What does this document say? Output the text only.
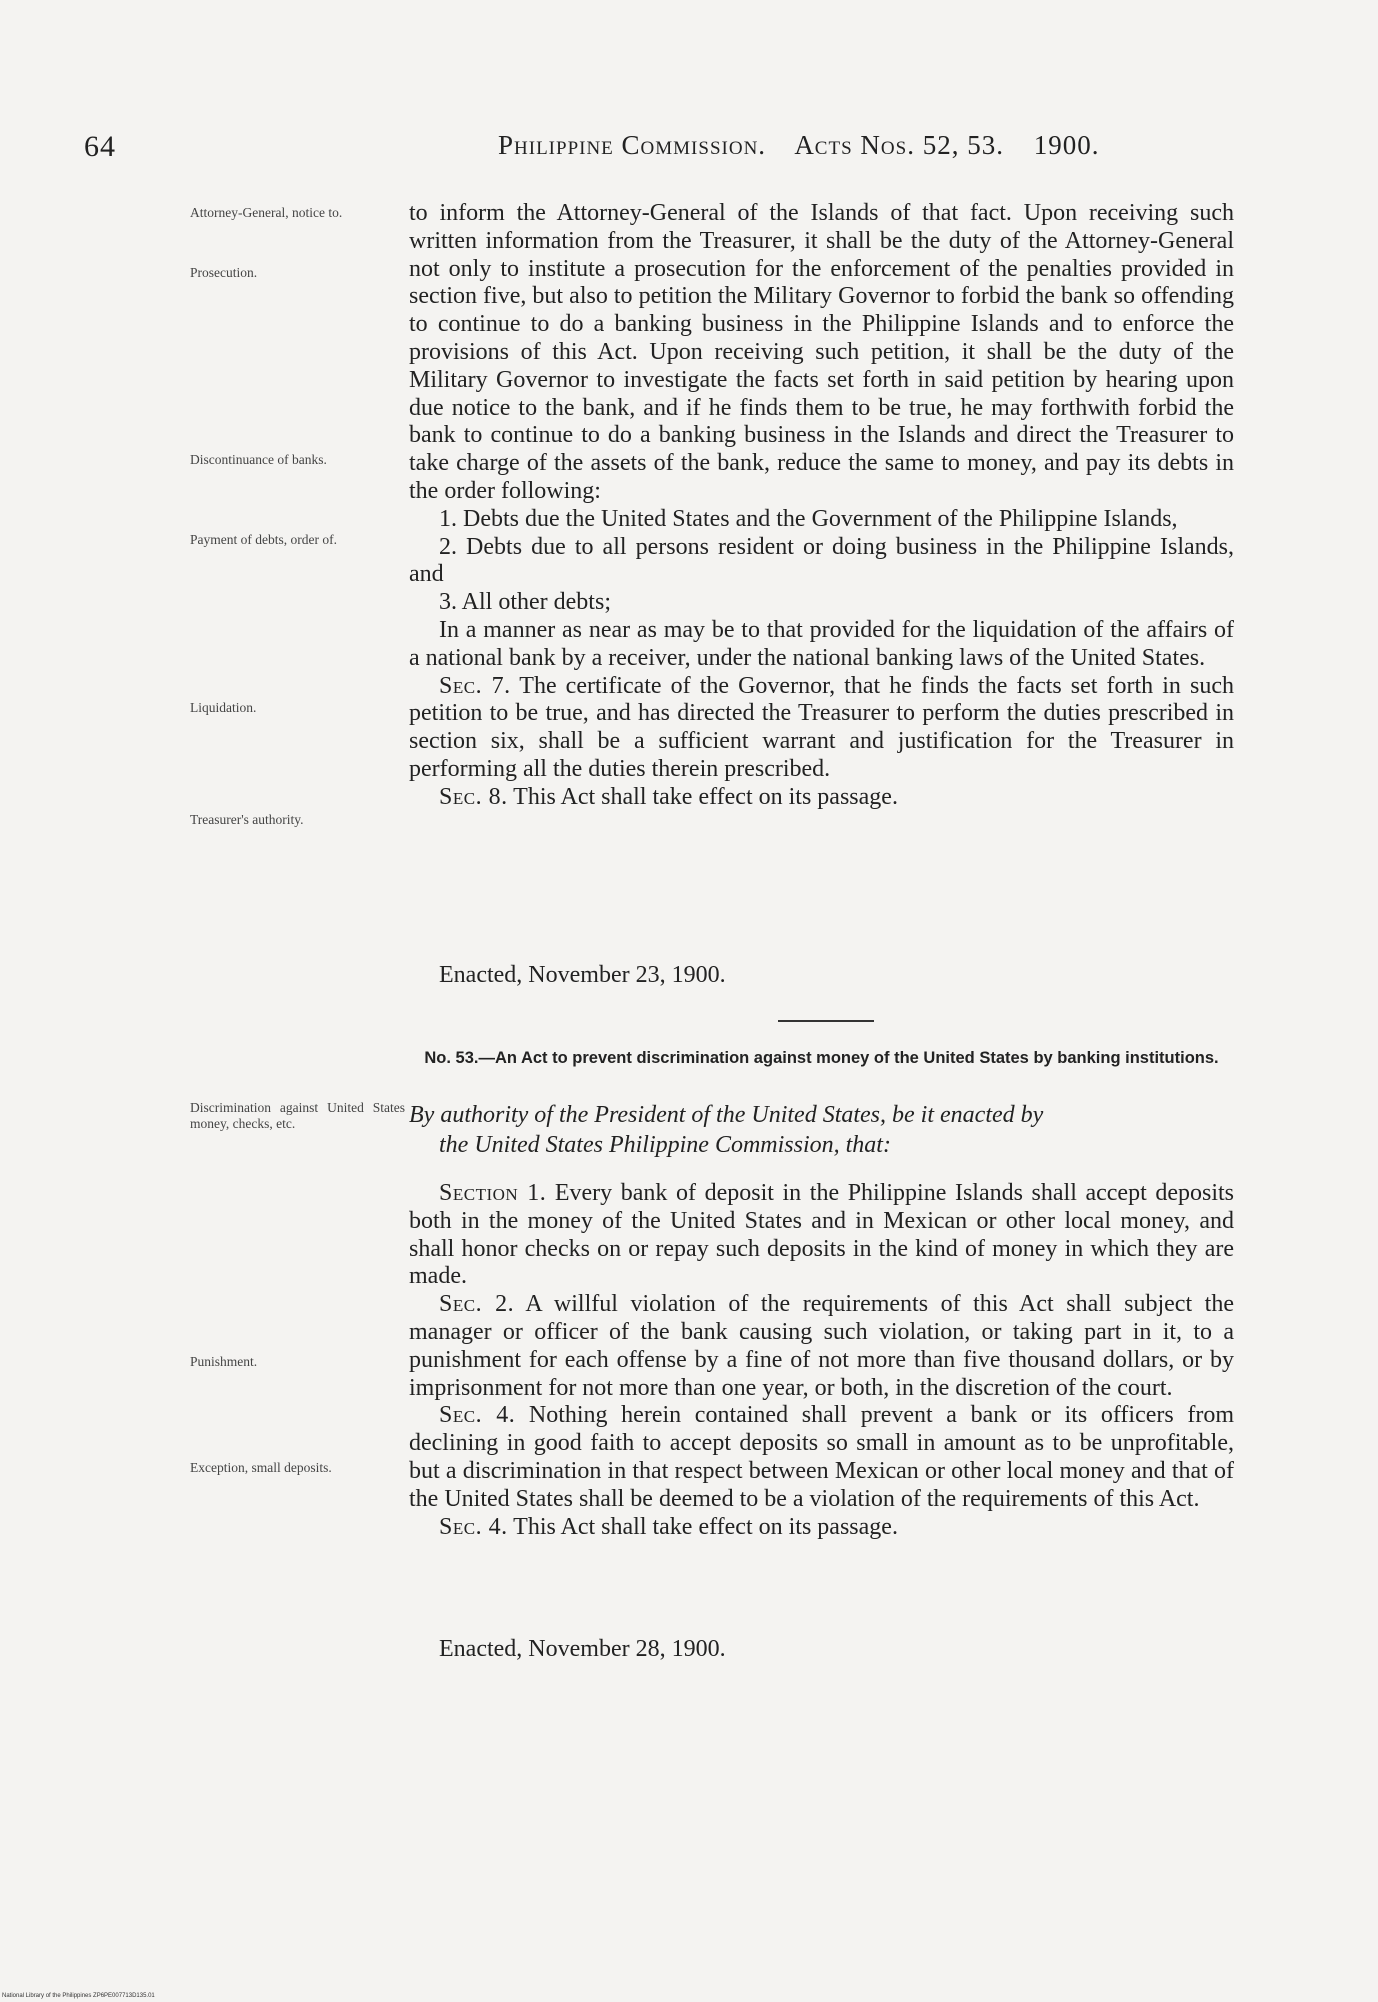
64	Philippine Commission. Acts Nos. 52, 53. 1900.
Attorney-General, notice to.
Prosecution.
Discontinuance of banks.
Payment of debts, order of.
Liquidation.
Treasurer's authority.
Discrimination against United States money, checks, etc.
Punishment.
Exception, small deposits.

to inform the Attorney-General of the Islands of that fact. Upon receiving such written information from the Treasurer, it shall be the duty of the Attorney-General not only to institute a prosecution for the enforcement of the penalties provided in section five, but also to petition the Military Governor to forbid the bank so offending to continue to do a banking business in the Philippine Islands and to enforce the provisions of this Act. Upon receiving such petition, it shall be the duty of the Military Governor to investigate the facts set forth in said petition by hearing upon due notice to the bank, and if he finds them to be true, he may forthwith forbid the bank to continue to do a banking business in the Islands and direct the Treasurer to take charge of the assets of the bank, reduce the same to money, and pay its debts in the order following:

1. Debts due the United States and the Government of the Philippine Islands,

2. Debts due to all persons resident or doing business in the Philippine Islands, and

3. All other debts;

In a manner as near as may be to that provided for the liquidation of the affairs of a national bank by a receiver, under the national banking laws of the United States.

Sec. 7. The certificate of the Governor, that he finds the facts set forth in such petition to be true, and has directed the Treasurer to perform the duties prescribed in section six, shall be a sufficient warrant and justification for the Treasurer in performing all the duties therein prescribed.

Sec. 8. This Act shall take effect on its passage.

Enacted, November 23, 1900.
No. 53.—An Act to prevent discrimination against money of the United States by banking institutions.
By authority of the President of the United States, be it enacted by
the United States Philippine Commission, that:

Section 1. Every bank of deposit in the Philippine Islands shall accept deposits both in the money of the United States and in Mexican or other local money, and shall honor checks on or repay such deposits in the kind of money in which they are made.

Sec. 2. A willful violation of the requirements of this Act shall subject the manager or officer of the bank causing such violation, or taking part in it, to a punishment for each offense by a fine of not more than five thousand dollars, or by imprisonment for not more than one year, or both, in the discretion of the court.

Sec. 4. Nothing herein contained shall prevent a bank or its officers from declining in good faith to accept deposits so small in amount as to be unprofitable, but a discrimination in that respect between Mexican or other local money and that of the United States shall be deemed to be a violation of the requirements of this Act.

Sec. 4. This Act shall take effect on its passage.

Enacted, November 28, 1900.
National Library of the Philippines ZP6PE007713D135.01
